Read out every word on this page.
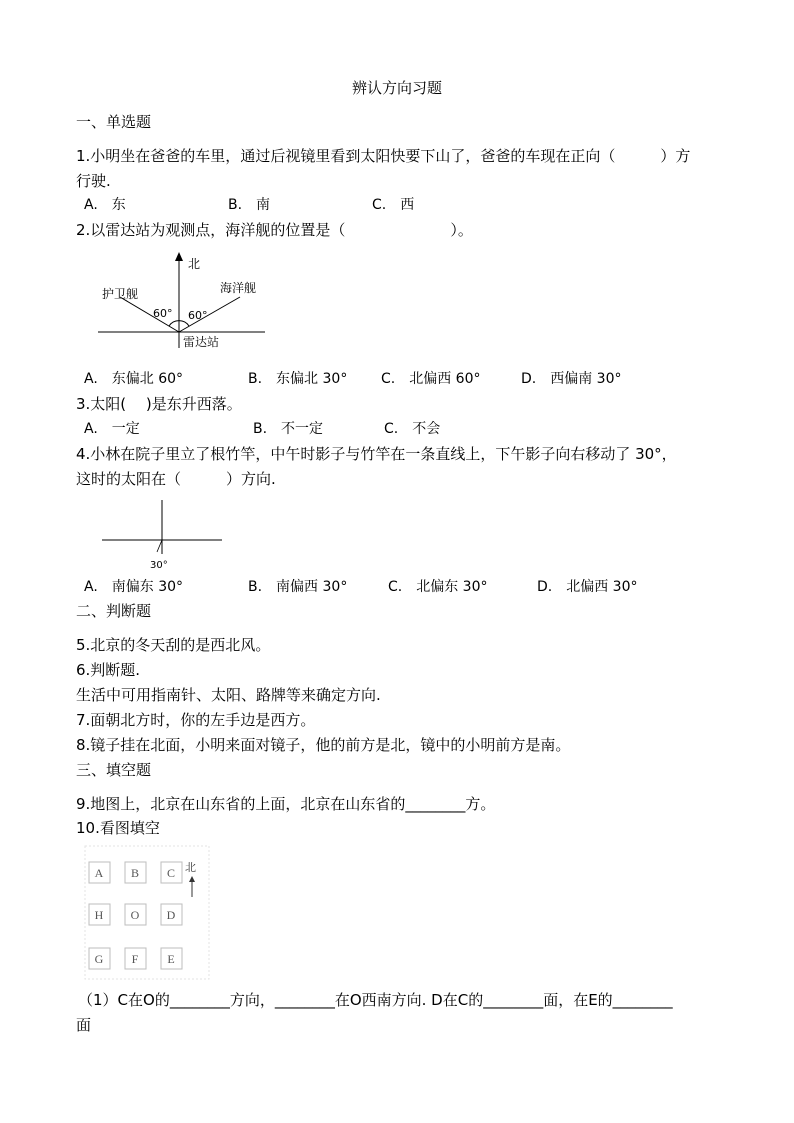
辨认方向习题
一、单选题
1.小明坐在爸爸的车里，通过后视镜里看到太阳快要下山了，爸爸的车现在正向（　　　）方
行驶.
A.　东	B.　南	C.　西
2.以雷达站为观测点，海洋舰的位置是（　　　　　　　）。
北
护卫舰	海洋舰
60° 60°
雷达站
A.　东偏北 60°	B.　东偏北 30° C.　北偏西 60°	D.　西偏南 30°
3.太阳(　 )是东升西落。
A.　一定	B.　不一定	C.　不会
4.小林在院子里立了根竹竿，中午时影子与竹竿在一条直线上，下午影子向右移动了 30°，
这时的太阳在（　　　）方向.
30°
A.　南偏东 30°	B.　南偏西 30°	C.　北偏东 30°	D.　北偏西 30°
二、判断题
5.北京的冬天刮的是西北风。
6.判断题.
生活中可用指南针、太阳、路牌等来确定方向.
7.面朝北方时，你的左手边是西方。
8.镜子挂在北面，小明来面对镜子，他的前方是北，镜中的小明前方是南。
三、填空题
9.地图上，北京在山东省的上面，北京在山东省的________方。
10.看图填空
A B C
H O D
G F E
北
（1）C在O的________方向，________在O西南方向. D在C的________面，在E的________
面
